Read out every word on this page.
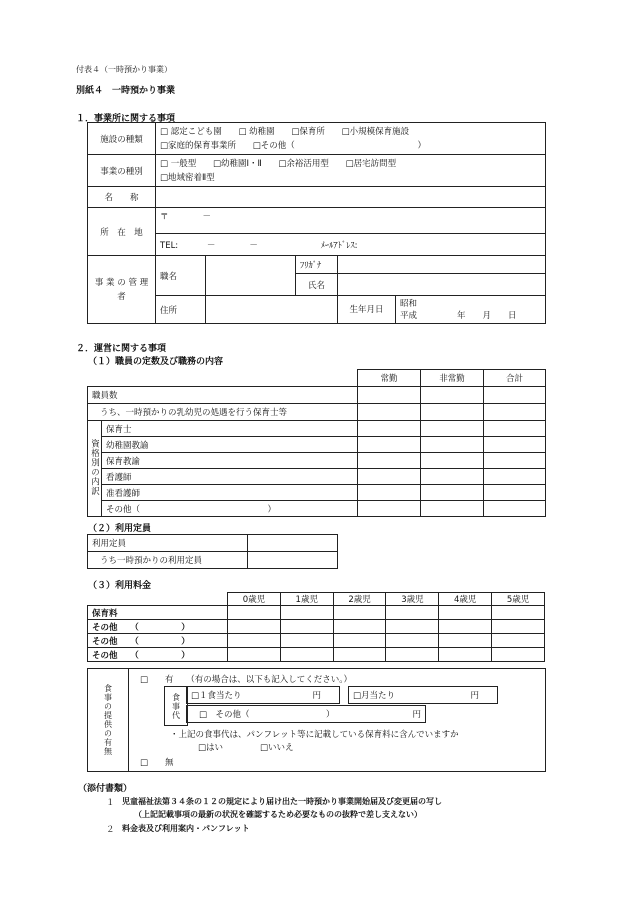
付表４（一時預かり事業）
別紙４　一時預かり事業
１．事業所に関する事項
施設の種類	□ 認定こども園 □ 幼稚園 □保育所 □小規模保育施設
□家庭的保育事業所 □その他（ ）				

事業の種別	□ 一般型 □幼稚園Ⅰ・Ⅱ □余裕活用型 □居宅訪問型
□地域密着Ⅱ型				

名　　称					
所　在　地	〒　　　　－				
	TEL: －　　　　－ ﾒｰﾙｱﾄﾞﾚｽ:				
事 業 の 管 理 者	職名		ﾌﾘｶﾞﾅ		
			氏名		
	住所			生年月日	昭和
平成 年　　月　　日
２．運営に関する事項
（１）職員の定数及び職務の内容
		常勤	非常勤	合計
職員数				
うち、一時預かりの乳幼児の処遇を行う保育士等				
資格別の内訳	保育士			
	幼稚園教諭			
	保育教諭			
	看護師			
	准看護師			
	その他（　　　　　　　　　　　　　　　）			
（２）利用定員
利用定員	
うち一時預かりの利用定員	
（３）利用料金
	0歳児	1歳児	2歳児	3歳児	4歳児	5歳児
保育料						
その他　　（　　　　　）						
その他　　（　　　　　）						
その他　　（　　　　　）						
食事の提供の有無
□　　有　　（有の場合は、以下も記入してください。）
食事代	□１食当たり	円	□月当たり	円
□　その他（　　　　　　　　　）	円
・上記の食事代は、パンフレット等に記載している保育料に含んでいますか
□はい	□いいえ
□　　無
（添付書類）
１ 児童福祉法第３４条の１２の規定により届け出た一時預かり事業開始届及び変更届の写し
（上記記載事項の最新の状況を確認するため必要なものの抜粋で差し支えない）
２ 料金表及び利用案内・パンフレット
